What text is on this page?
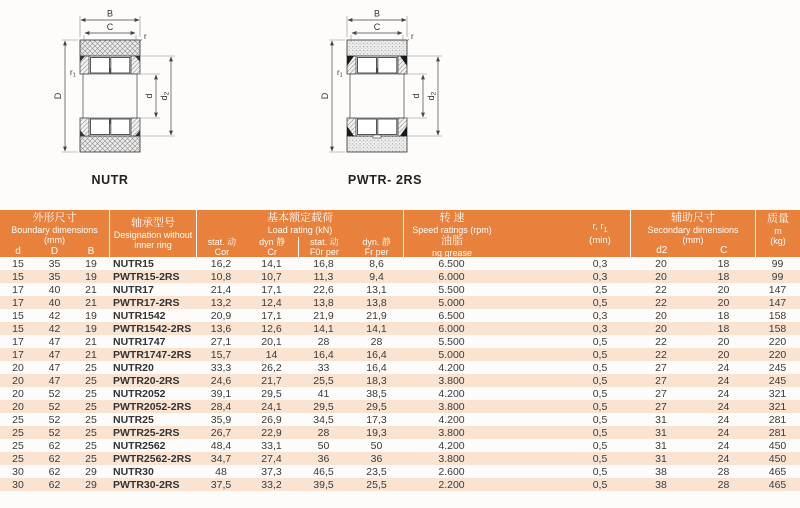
B
C
D	d d2
r
r1
NUTR
B
C
D	d d2
r
r1
PWTR- 2RS
外形尺寸
Boundary dimensions
(mm)
d	D	B
轴承型号
Designation without
inner ring
基本额定载荷
Load rating (kN)
stat. 动
Cor
dyn 静
Cr
stat. 动
F0r per
dyn. 静
Fr per
转 速
Speed ratings (rpm)
油脂
ng grease
r, $r_1$
(min)
辅助尺寸
Secondary dimensions
(mm)
d2	C
质量
m
(kg)
15	35	19	NUTR15	16,2	14,1	16,8	8,6	6.500	0,3	20	18	99
15	35	19	PWTR15-2RS	10,8	10,7	11,3	9,4	6.000	0,3	20	18	99
17	40	21	NUTR17	21,4	17,1	22,6	13,1	5.500	0,5	22	20	147
17	40	21	PWTR17-2RS	13,2	12,4	13,8	13,8	5.000	0,5	22	20	147
15	42	19	NUTR1542	20,9	17,1	21,9	21,9	6.500	0,3	20	18	158
15	42	19	PWTR1542-2RS	13,6	12,6	14,1	14,1	6.000	0,3	20	18	158
17	47	21	NUTR1747	27,1	20,1	28	28	5.500	0,5	22	20	220
17	47	21	PWTR1747-2RS	15,7	14	16,4	16,4	5.000	0,5	22	20	220
20	47	25	NUTR20	33,3	26,2	33	16,4	4.200	0,5	27	24	245
20	47	25	PWTR20-2RS	24,6	21,7	25,5	18,3	3.800	0,5	27	24	245
20	52	25	NUTR2052	39,1	29,5	41	38,5	4.200	0,5	27	24	321
20	52	25	PWTR2052-2RS	28,4	24,1	29,5	29,5	3.800	0,5	27	24	321
25	52	25	NUTR25	35,9	26,9	34,5	17,3	4.200	0,5	31	24	281
25	52	25	PWTR25-2RS	26,7	22,9	28	19,3	3.800	0,5	31	24	281
25	62	25	NUTR2562	48,4	33,1	50	50	4.200	0,5	31	24	450
25	62	25	PWTR2562-2RS	34,7	27,4	36	36	3.800	0,5	31	24	450
30	62	29	NUTR30	48	37,3	46,5	23,5	2.600	0,5	38	28	465
30	62	29	PWTR30-2RS	37,5	33,2	39,5	25,5	2.200	0,5	38	28	465
